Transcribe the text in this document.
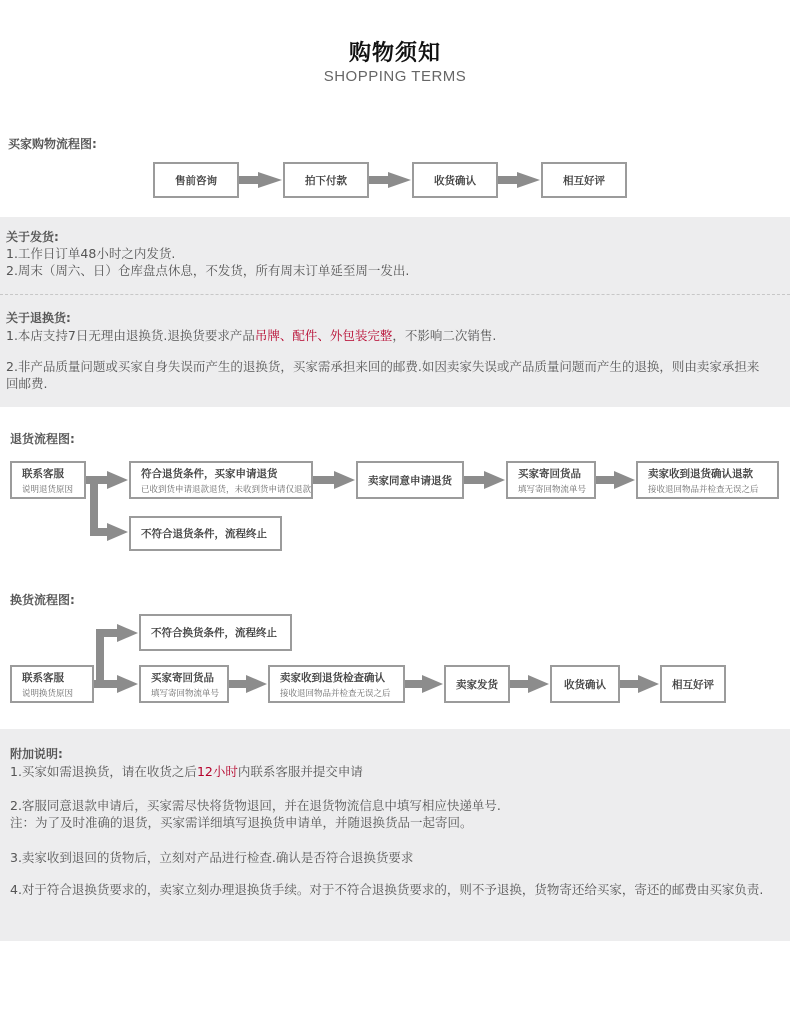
购物须知
SHOPPING TERMS
买家购物流程图:
售前咨询	拍下付款	收货确认	相互好评
关于发货:
1.工作日订单48小时之内发货.
2.周末（周六、日）仓库盘点休息，不发货，所有周末订单延至周一发出.
关于退换货:
1.本店支持7日无理由退换货.退换货要求产品吊牌、配件、外包装完整，不影响二次销售.
2.非产品质量问题或买家自身失误而产生的退换货，买家需承担来回的邮费.如因卖家失误或产品质量问题而产生的退换，则由卖家承担来回邮费.
退货流程图:
联系客服
说明退货原因
符合退货条件，买家申请退货
已收到货申请退款退货，未收到货申请仅退款
卖家同意申请退货
买家寄回货品
填写寄回物流单号
卖家收到退货确认退款
接收退回物品并检查无误之后
不符合退货条件，流程终止
换货流程图:
不符合换货条件，流程终止
联系客服
说明换货原因
买家寄回货品
填写寄回物流单号
卖家收到退货检查确认
接收退回物品并检查无误之后
卖家发货	收货确认	相互好评
附加说明:
1.买家如需退换货，请在收货之后12小时内联系客服并提交申请
2.客服同意退款申请后，买家需尽快将货物退回，并在退货物流信息中填写相应快递单号.
注：为了及时准确的退货，买家需详细填写退换货申请单，并随退换货品一起寄回。
3.卖家收到退回的货物后，立刻对产品进行检查.确认是否符合退换货要求
4.对于符合退换货要求的，卖家立刻办理退换货手续。对于不符合退换货要求的，则不予退换，货物寄还给买家，寄还的邮费由买家负责.
